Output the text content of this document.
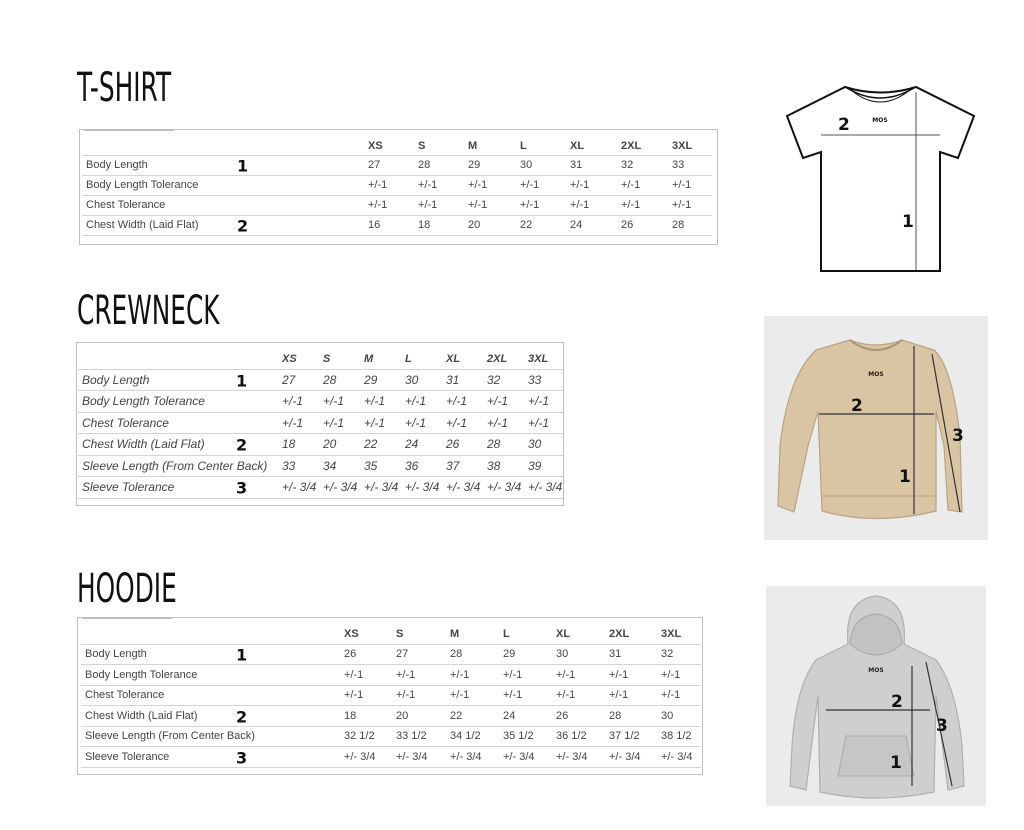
T-SHIRT
	XS	S	M	L	XL	2XL	3XL
Body Length 1	27	28	29	30	31	32	33
Body Length Tolerance	+/-1	+/-1	+/-1	+/-1	+/-1	+/-1	+/-1
Chest Tolerance	+/-1	+/-1	+/-1	+/-1	+/-1	+/-1	+/-1
Chest Width (Laid Flat) 2	16	18	20	22	24	26	28
MOS
2
1
CREWNECK
	XS	S	M	L	XL	2XL	3XL
Body Length 1	27	28	29	30	31	32	33
Body Length Tolerance	+/-1	+/-1	+/-1	+/-1	+/-1	+/-1	+/-1
Chest Tolerance	+/-1	+/-1	+/-1	+/-1	+/-1	+/-1	+/-1
Chest Width (Laid Flat) 2	18	20	22	24	26	28	30
Sleeve Length (From Center Back)	33	34	35	36	37	38	39
Sleeve Tolerance 3	+/- 3/4	+/- 3/4	+/- 3/4	+/- 3/4	+/- 3/4	+/- 3/4	+/- 3/4
MOS
2
3
1
HOODIE
	XS	S	M	L	XL	2XL	3XL
Body Length 1	26	27	28	29	30	31	32
Body Length Tolerance	+/-1	+/-1	+/-1	+/-1	+/-1	+/-1	+/-1
Chest Tolerance	+/-1	+/-1	+/-1	+/-1	+/-1	+/-1	+/-1
Chest Width (Laid Flat) 2	18	20	22	24	26	28	30
Sleeve Length (From Center Back)	32 1/2	33 1/2	34 1/2	35 1/2	36 1/2	37 1/2	38 1/2
Sleeve Tolerance 3	+/- 3/4	+/- 3/4	+/- 3/4	+/- 3/4	+/- 3/4	+/- 3/4	+/- 3/4
MOS
2
3
1
